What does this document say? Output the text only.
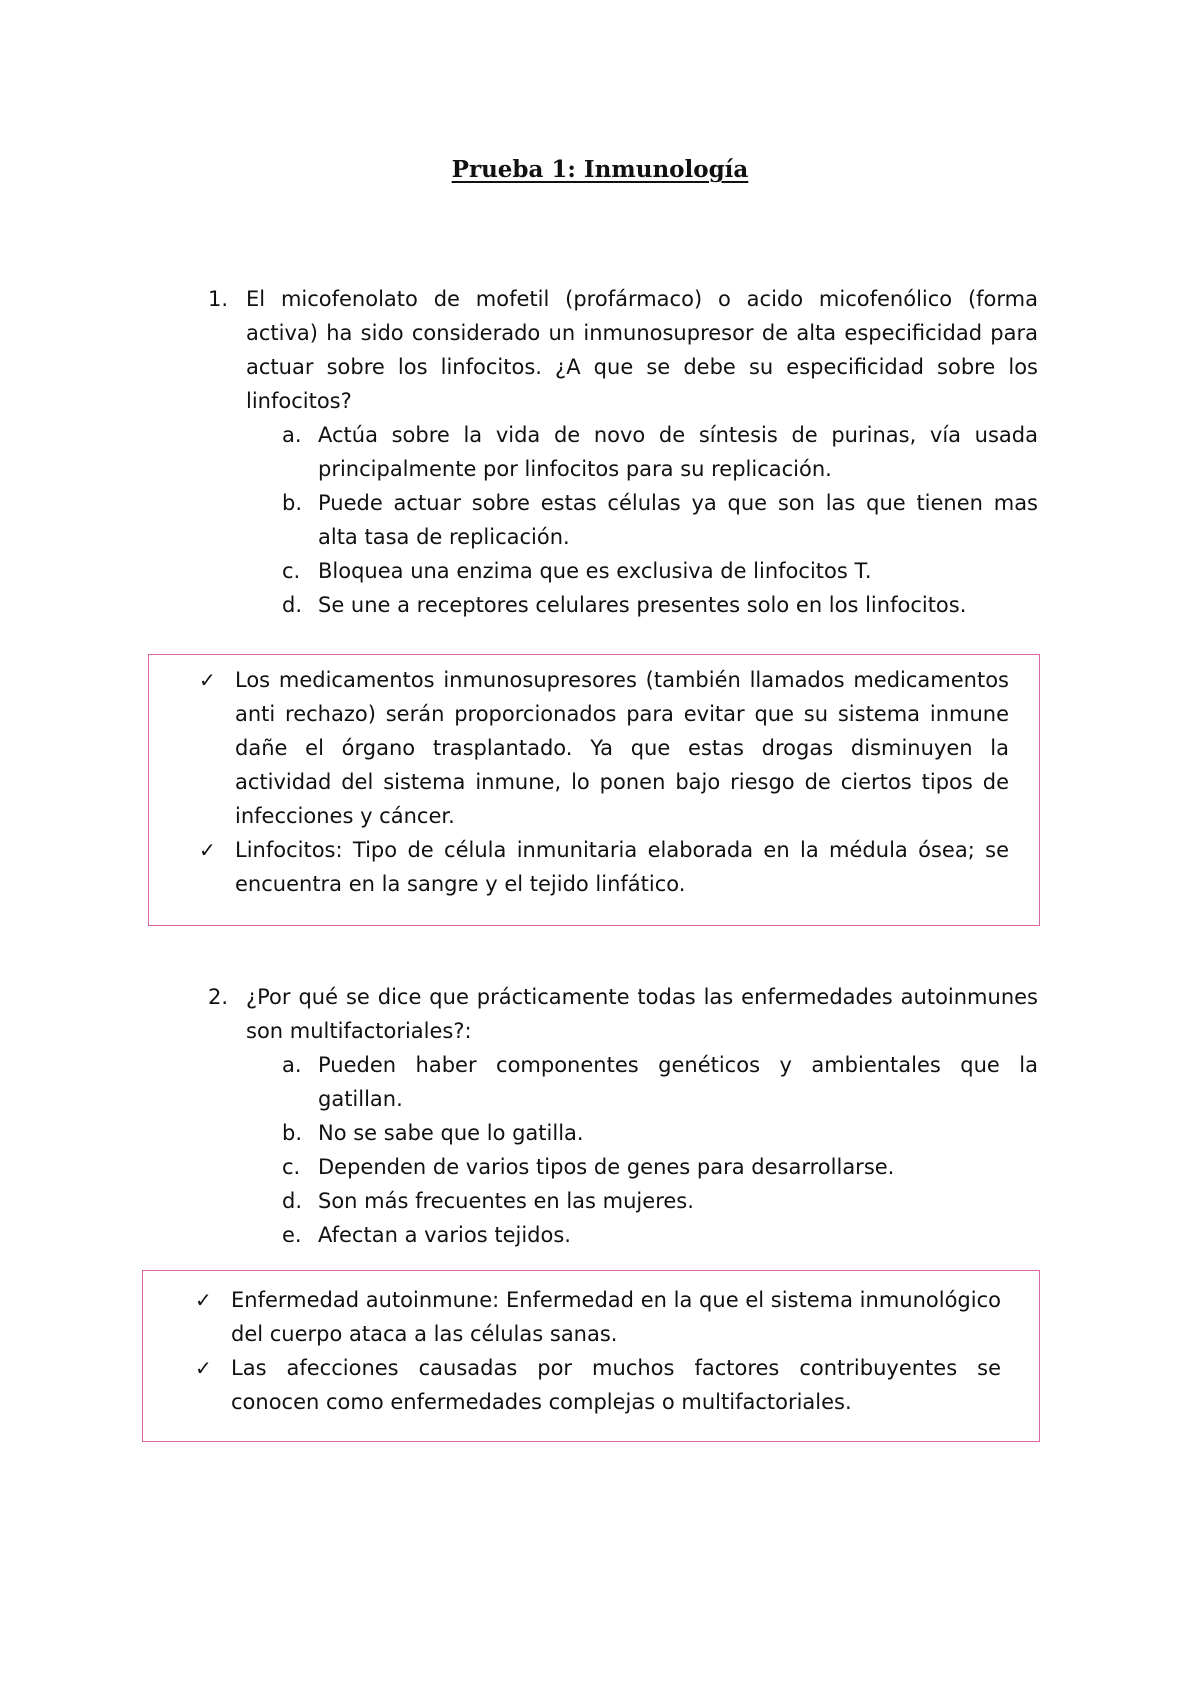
Prueba 1: Inmunología
1. El micofenolato de mofetil (profármaco) o acido micofenólico (forma activa) ha sido considerado un inmunosupresor de alta especificidad para actuar sobre los linfocitos. ¿A que se debe su especificidad sobre los linfocitos?
a. Actúa sobre la vida de novo de síntesis de purinas, vía usada principalmente por linfocitos para su replicación.
b. Puede actuar sobre estas células ya que son las que tienen mas alta tasa de replicación.
c. Bloquea una enzima que es exclusiva de linfocitos T.
d. Se une a receptores celulares presentes solo en los linfocitos.
✓ Los medicamentos inmunosupresores (también llamados medicamentos anti rechazo) serán proporcionados para evitar que su sistema inmune dañe el órgano trasplantado. Ya que estas drogas disminuyen la actividad del sistema inmune, lo ponen bajo riesgo de ciertos tipos de infecciones y cáncer.
✓ Linfocitos: Tipo de célula inmunitaria elaborada en la médula ósea; se encuentra en la sangre y el tejido linfático.
2. ¿Por qué se dice que prácticamente todas las enfermedades autoinmunes son multifactoriales?:
a. Pueden haber componentes genéticos y ambientales que la gatillan.
b. No se sabe que lo gatilla.
c. Dependen de varios tipos de genes para desarrollarse.
d. Son más frecuentes en las mujeres.
e. Afectan a varios tejidos.
✓ Enfermedad autoinmune: Enfermedad en la que el sistema inmunológico del cuerpo ataca a las células sanas.
✓ Las afecciones causadas por muchos factores contribuyentes se conocen como enfermedades complejas o multifactoriales.
